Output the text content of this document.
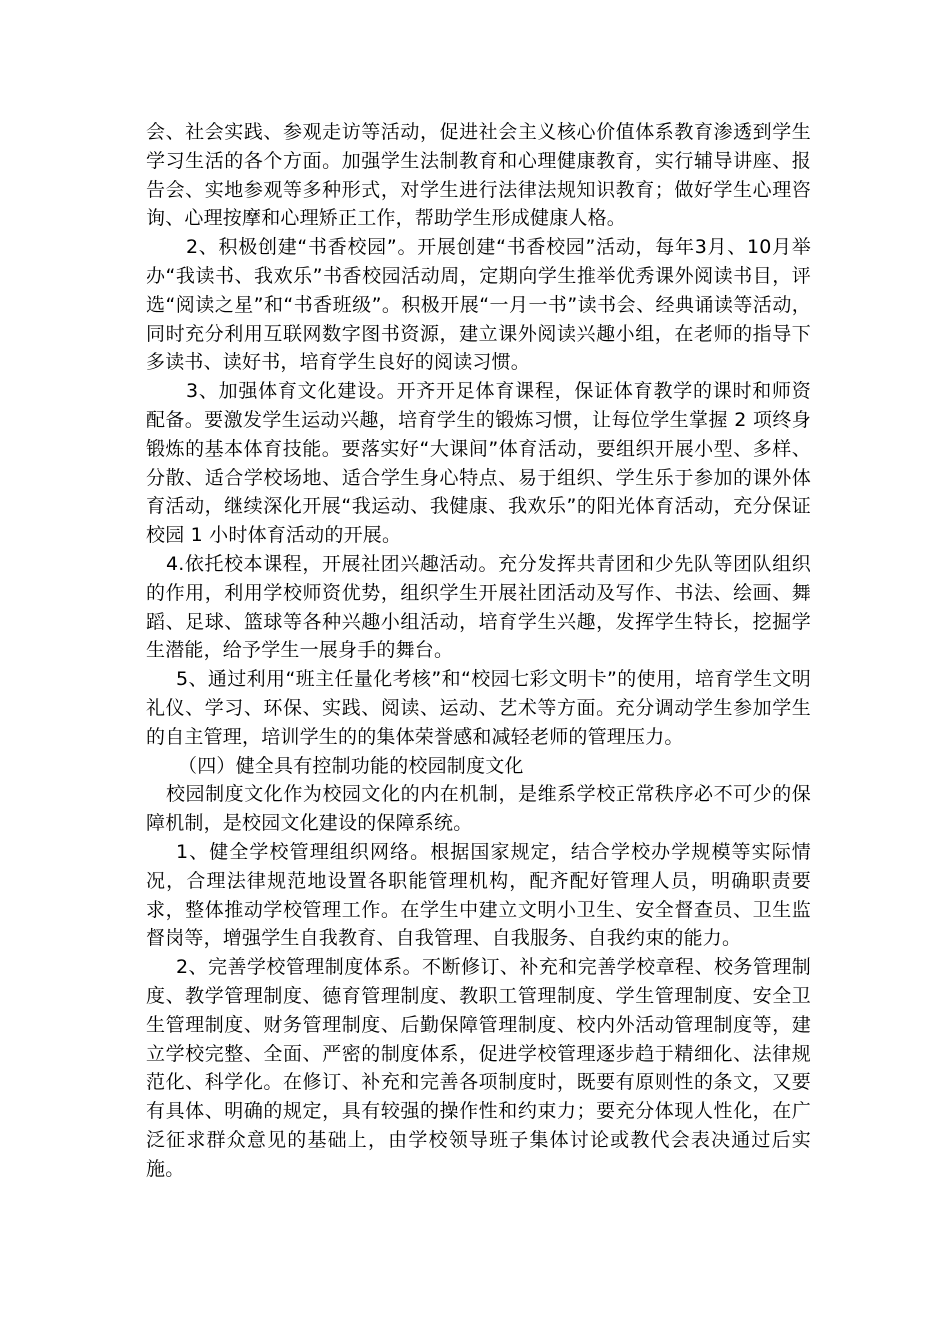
会、社会实践、参观走访等活动，促进社会主义核心价值体系教育渗透到学生学习生活的各个方面。加强学生法制教育和心理健康教育，实行辅导讲座、报告会、实地参观等多种形式，对学生进行法律法规知识教育；做好学生心理咨询、心理按摩和心理矫正工作，帮助学生形成健康人格。

2、积极创建“书香校园”。开展创建“书香校园”活动，每年3月、10月举办“我读书、我欢乐”书香校园活动周，定期向学生推举优秀课外阅读书目，评选“阅读之星”和“书香班级”。积极开展“一月一书”读书会、经典诵读等活动，同时充分利用互联网数字图书资源，建立课外阅读兴趣小组，在老师的指导下多读书、读好书，培育学生良好的阅读习惯。

3、加强体育文化建设。开齐开足体育课程，保证体育教学的课时和师资配备。要激发学生运动兴趣，培育学生的锻炼习惯，让每位学生掌握 2 项终身锻炼的基本体育技能。要落实好“大课间”体育活动，要组织开展小型、多样、分散、适合学校场地、适合学生身心特点、易于组织、学生乐于参加的课外体育活动，继续深化开展“我运动、我健康、我欢乐”的阳光体育活动，充分保证校园 1 小时体育活动的开展。

4.依托校本课程，开展社团兴趣活动。充分发挥共青团和少先队等团队组织的作用，利用学校师资优势，组织学生开展社团活动及写作、书法、绘画、舞蹈、足球、篮球等各种兴趣小组活动，培育学生兴趣，发挥学生特长，挖掘学生潜能，给予学生一展身手的舞台。

5、通过利用“班主任量化考核”和“校园七彩文明卡”的使用，培育学生文明礼仪、学习、环保、实践、阅读、运动、艺术等方面。充分调动学生参加学生的自主管理，培训学生的的集体荣誉感和减轻老师的管理压力。

（四）健全具有控制功能的校园制度文化

校园制度文化作为校园文化的内在机制，是维系学校正常秩序必不可少的保障机制，是校园文化建设的保障系统。

1、健全学校管理组织网络。根据国家规定，结合学校办学规模等实际情况，合理法律规范地设置各职能管理机构，配齐配好管理人员，明确职责要求，整体推动学校管理工作。在学生中建立文明小卫生、安全督查员、卫生监督岗等，增强学生自我教育、自我管理、自我服务、自我约束的能力。

2、完善学校管理制度体系。不断修订、补充和完善学校章程、校务管理制度、教学管理制度、德育管理制度、教职工管理制度、学生管理制度、安全卫生管理制度、财务管理制度、后勤保障管理制度、校内外活动管理制度等，建立学校完整、全面、严密的制度体系，促进学校管理逐步趋于精细化、法律规范化、科学化。在修订、补充和完善各项制度时，既要有原则性的条文，又要有具体、明确的规定，具有较强的操作性和约束力；要充分体现人性化，在广泛征求群众意见的基础上，由学校领导班子集体讨论或教代会表决通过后实施。
